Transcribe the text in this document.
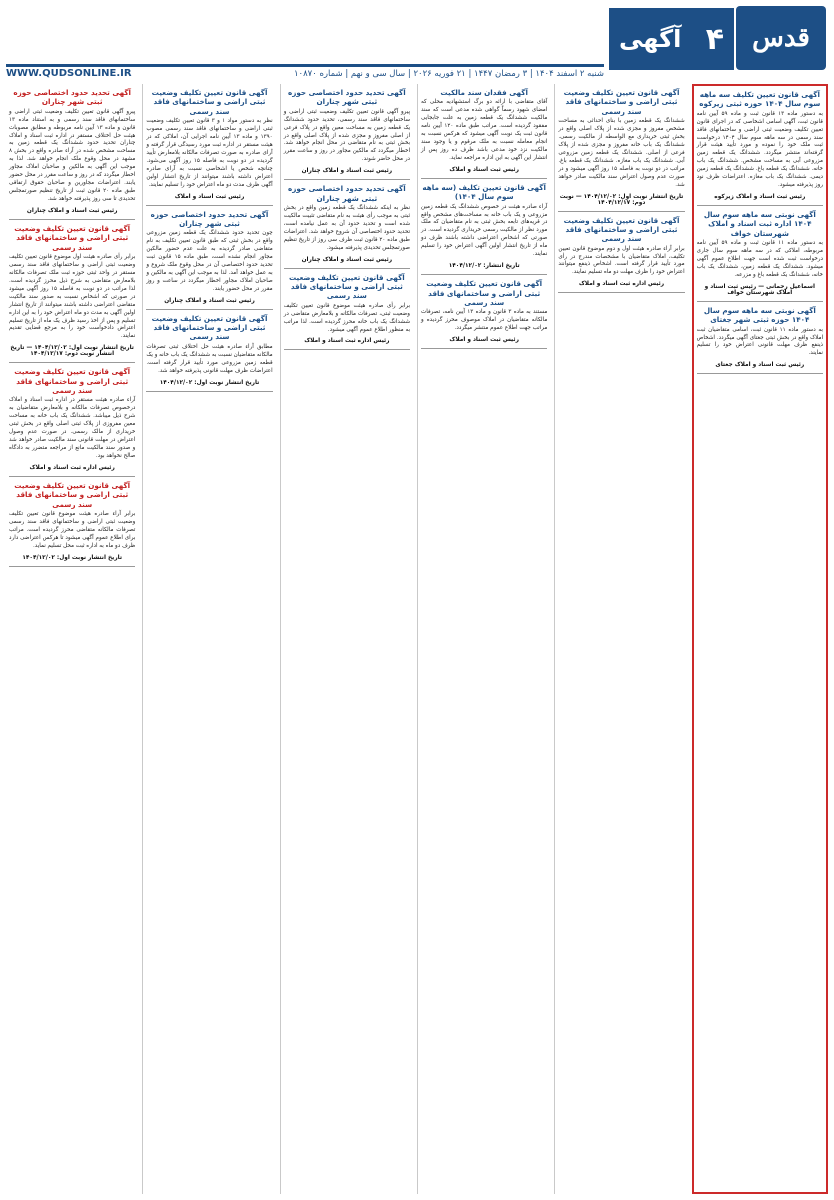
قدس
۴
آگهی
شنبه ۲ اسفند ۱۴۰۴ | ۳ رمضان ۱۴۴۷ | ۲۱ فوریه ۲۰۲۶ | سال سی و نهم | شماره ۱۰۸۷۰
WWW.QUDSONLINE.IR
آگهی قانون تعیین تکلیف سه ماهه سوم سال ۱۴۰۴ حوزه ثبتی زیرکوه

به دستور ماده ۱۳ قانون ثبت و ماده ۵۹ آیین نامه قانون ثبت، آگهی اسامی اشخاصی که در اجرای قانون تعیین تکلیف وضعیت ثبتی اراضی و ساختمانهای فاقد سند رسمی در سه ماهه سوم سال ۱۴۰۴ درخواست ثبت ملک خود را نموده و مورد تأیید هیئت قرار گرفته‌اند منتشر میگردد. ششدانگ یک قطعه زمین مزروعی آبی به مساحت مشخص. ششدانگ یک باب خانه. ششدانگ یک قطعه باغ. ششدانگ یک قطعه زمین دیمی. ششدانگ یک باب مغازه. اعتراضات ظرف نود روز پذیرفته میشود.

رئیس ثبت اسناد و املاک زیرکوه
آگهی نوبتی سه ماهه سوم سال ۱۴۰۴ اداره ثبت اسناد و املاک شهرستان خواف

به دستور ماده ۱۱ قانون ثبت و ماده ۵۹ آیین نامه مربوطه، املاکی که در سه ماهه سوم سال جاری درخواست ثبت شده است جهت اطلاع عموم آگهی میشود. ششدانگ یک قطعه زمین، ششدانگ یک باب خانه، ششدانگ یک قطعه باغ و مزرعه.

اسماعیل رحمانی — رئیس ثبت اسناد و املاک شهرستان خواف
آگهی نوبتی سه ماهه سوم سال ۱۴۰۴ حوزه ثبتی شهر جغتای

به دستور ماده ۱۱ قانون ثبت، اسامی متقاضیان ثبت املاک واقع در بخش ثبتی جغتای آگهی میگردد. اشخاص ذینفع ظرف مهلت قانونی اعتراض خود را تسلیم نمایند.

رئیس ثبت اسناد و املاک جغتای
آگهی قانون تعیین تکلیف وضعیت ثبتی اراضی و ساختمانهای فاقد سند رسمی

ششدانگ یک قطعه زمین با بنای احداثی به مساحت مشخص مفروز و مجزی شده از پلاک اصلی واقع در بخش ثبتی خریداری مع الواسطه از مالکیت رسمی. ششدانگ یک باب خانه مفروز و مجزی شده از پلاک فرعی از اصلی. ششدانگ یک قطعه زمین مزروعی آبی. ششدانگ یک باب مغازه. ششدانگ یک قطعه باغ. مراتب در دو نوبت به فاصله ۱۵ روز آگهی میشود و در صورت عدم وصول اعتراض سند مالکیت صادر خواهد شد.

تاریخ انتشار نوبت اول: ۱۴۰۴/۱۲/۰۲ — نوبت دوم: ۱۴۰۴/۱۲/۱۷
آگهی قانون تعیین تکلیف وضعیت ثبتی اراضی و ساختمانهای فاقد سند رسمی

برابر آراء صادره هیئت اول و دوم موضوع قانون تعیین تکلیف، املاک متقاضیان با مشخصات مندرج در رأی مورد تأیید قرار گرفته است. اشخاص ذینفع میتوانند اعتراض خود را ظرف مهلت دو ماه تسلیم نمایند.

رئیس اداره ثبت اسناد و املاک
آگهی فقدان سند مالکیت

آقای متقاضی با ارائه دو برگ استشهادیه محلی که امضای شهود رسماً گواهی شده مدعی است که سند مالکیت ششدانگ یک قطعه زمین به علت جابجایی مفقود گردیده است. مراتب طبق ماده ۱۲۰ آیین نامه قانون ثبت یک نوبت آگهی میشود که هرکس نسبت به انجام معامله نسبت به ملک مرقوم و یا وجود سند مالکیت نزد خود مدعی باشد ظرف ده روز پس از انتشار این آگهی به این اداره مراجعه نماید.

رئیس ثبت اسناد و املاک
آگهی قانون تعیین تکلیف (سه ماهه سوم سال ۱۴۰۴)

آراء صادره هیئت در خصوص ششدانگ یک قطعه زمین مزروعی و یک باب خانه به مساحت‌های مشخص واقع در قریه‌های تابعه بخش ثبتی به نام متقاضیان که ملک مورد نظر از مالکیت رسمی خریداری گردیده است. در صورتی که اشخاص اعتراضی داشته باشند ظرف دو ماه از تاریخ انتشار اولین آگهی اعتراض خود را تسلیم نمایند.

تاریخ انتشار: ۱۴۰۴/۱۲/۰۲
آگهی قانون تعیین تکلیف وضعیت ثبتی اراضی و ساختمانهای فاقد سند رسمی

مستند به ماده ۳ قانون و ماده ۱۳ آیین نامه، تصرفات مالکانه متقاضیان در املاک موصوف محرز گردیده و مراتب جهت اطلاع عموم منتشر میگردد.

رئیس ثبت اسناد و املاک
آگهی تحدید حدود اختصاصی حوزه ثبتی شهر چناران

پیرو آگهی قانون تعیین تکلیف وضعیت ثبتی اراضی و ساختمانهای فاقد سند رسمی، تحدید حدود ششدانگ یک قطعه زمین به مساحت معین واقع در پلاک فرعی از اصلی مفروز و مجزی شده از پلاک اصلی واقع در بخش ثبتی به نام متقاضی در محل انجام خواهد شد. اخطار میگردد که مالکین مجاور در روز و ساعت مقرر در محل حاضر شوند.

رئیس ثبت اسناد و املاک چناران
آگهی تحدید حدود اختصاصی حوزه ثبتی شهر چناران

نظر به اینکه ششدانگ یک قطعه زمین واقع در بخش ثبتی به موجب رأی هیئت به نام متقاضی تثبیت مالکیت شده است و تحدید حدود آن به عمل نیامده است، تحدید حدود اختصاصی آن شروع خواهد شد. اعتراضات طبق ماده ۲۰ قانون ثبت ظرف سی روز از تاریخ تنظیم صورتمجلس تحدیدی پذیرفته میشود.

رئیس ثبت اسناد و املاک چناران
آگهی قانون تعیین تکلیف وضعیت ثبتی اراضی و ساختمانهای فاقد سند رسمی

برابر رأی صادره هیئت موضوع قانون تعیین تکلیف وضعیت ثبتی، تصرفات مالکانه و بلامعارض متقاضی در ششدانگ یک باب خانه محرز گردیده است. لذا مراتب به منظور اطلاع عموم آگهی میشود.

رئیس اداره ثبت اسناد و املاک
آگهی قانون تعیین تکلیف وضعیت ثبتی اراضی و ساختمانهای فاقد سند رسمی

نظر به دستور مواد ۱ و ۳ قانون تعیین تکلیف وضعیت ثبتی اراضی و ساختمانهای فاقد سند رسمی مصوب ۱۳۹۰ و ماده ۱۳ آیین نامه اجرایی آن، املاکی که در هیئت مستقر در اداره ثبت مورد رسیدگی قرار گرفته و آرای صادره به صورت تصرفات مالکانه بلامعارض تأیید گردیده در دو نوبت به فاصله ۱۵ روز آگهی می‌شود. چنانچه شخص یا اشخاصی نسبت به آرای صادره اعتراض داشته باشند میتوانند از تاریخ انتشار اولین آگهی ظرف مدت دو ماه اعتراض خود را تسلیم نمایند.

رئیس ثبت اسناد و املاک
آگهی تحدید حدود اختصاصی حوزه ثبتی شهر چناران

چون تحدید حدود ششدانگ یک قطعه زمین مزروعی واقع در بخش ثبتی که طبق قانون تعیین تکلیف به نام متقاضی صادر گردیده به علت عدم حضور مالکین مجاور انجام نشده است، طبق ماده ۱۵ قانون ثبت تحدید حدود اختصاصی آن در محل وقوع ملک شروع و به عمل خواهد آمد. لذا به موجب این آگهی به مالکین و صاحبان املاک مجاور اخطار میگردد در ساعت و روز مقرر در محل حضور یابند.

رئیس ثبت اسناد و املاک چناران
آگهی قانون تعیین تکلیف وضعیت ثبتی اراضی و ساختمانهای فاقد سند رسمی

مطابق آراء صادره هیئت حل اختلاف ثبتی تصرفات مالکانه متقاضیان نسبت به ششدانگ یک باب خانه و یک قطعه زمین مزروعی مورد تأیید قرار گرفته است. اعتراضات ظرف مهلت قانونی پذیرفته خواهد شد.

تاریخ انتشار نوبت اول: ۱۴۰۴/۱۲/۰۲
آگهی تحدید حدود اختصاصی حوزه ثبتی شهر چناران

پیرو آگهی قانون تعیین تکلیف وضعیت ثبتی اراضی و ساختمانهای فاقد سند رسمی و به استناد ماده ۱۳ قانون و ماده ۱۳ آیین نامه مربوطه و مطابق مصوبات هیئت حل اختلاف مستقر در اداره ثبت اسناد و املاک چناران تحدید حدود ششدانگ یک قطعه زمین به مساحت مشخص شده در آراء صادره واقع در بخش ۸ مشهد در محل وقوع ملک انجام خواهد شد. لذا به موجب این آگهی به مالکین و صاحبان املاک مجاور اخطار میگردد که در روز و ساعت مقرر در محل حضور یابند. اعتراضات مجاورین و صاحبان حقوق ارتفاقی طبق ماده ۲۰ قانون ثبت از تاریخ تنظیم صورتمجلس تحدیدی تا سی روز پذیرفته خواهد شد.

رئیس ثبت اسناد و املاک چناران
آگهی قانون تعیین تکلیف وضعیت ثبتی اراضی و ساختمانهای فاقد سند رسمی

برابر رأی صادره هیئت اول موضوع قانون تعیین تکلیف وضعیت ثبتی اراضی و ساختمانهای فاقد سند رسمی مستقر در واحد ثبتی حوزه ثبت ملک تصرفات مالکانه بلامعارض متقاضی به شرح ذیل محرز گردیده است. لذا مراتب در دو نوبت به فاصله ۱۵ روز آگهی میشود در صورتی که اشخاص نسبت به صدور سند مالکیت متقاضی اعتراضی داشته باشند میتوانند از تاریخ انتشار اولین آگهی به مدت دو ماه اعتراض خود را به این اداره تسلیم و پس از اخذ رسید ظرف یک ماه از تاریخ تسلیم اعتراض دادخواست خود را به مرجع قضایی تقدیم نمایند.

تاریخ انتشار نوبت اول: ۱۴۰۴/۱۲/۰۲ — تاریخ انتشار نوبت دوم: ۱۴۰۴/۱۲/۱۷
آگهی قانون تعیین تکلیف وضعیت ثبتی اراضی و ساختمانهای فاقد سند رسمی

آراء صادره هیئت مستقر در اداره ثبت اسناد و املاک درخصوص تصرفات مالکانه و بلامعارض متقاضیان به شرح ذیل میباشد. ششدانگ یک باب خانه به مساحت معین مفروزی از پلاک ثبتی اصلی واقع در بخش ثبتی خریداری از مالک رسمی. در صورت عدم وصول اعتراض در مهلت قانونی سند مالکیت صادر خواهد شد و صدور سند مالکیت مانع از مراجعه متضرر به دادگاه صالح نخواهد بود.

رئیس اداره ثبت اسناد و املاک
آگهی قانون تعیین تکلیف وضعیت ثبتی اراضی و ساختمانهای فاقد سند رسمی

برابر آراء صادره هیئت موضوع قانون تعیین تکلیف وضعیت ثبتی اراضی و ساختمانهای فاقد سند رسمی تصرفات مالکانه متقاضی محرز گردیده است. مراتب برای اطلاع عموم آگهی میشود تا هرکس اعتراضی دارد ظرف دو ماه به اداره ثبت محل تسلیم نماید.

تاریخ انتشار نوبت اول: ۱۴۰۴/۱۲/۰۲
